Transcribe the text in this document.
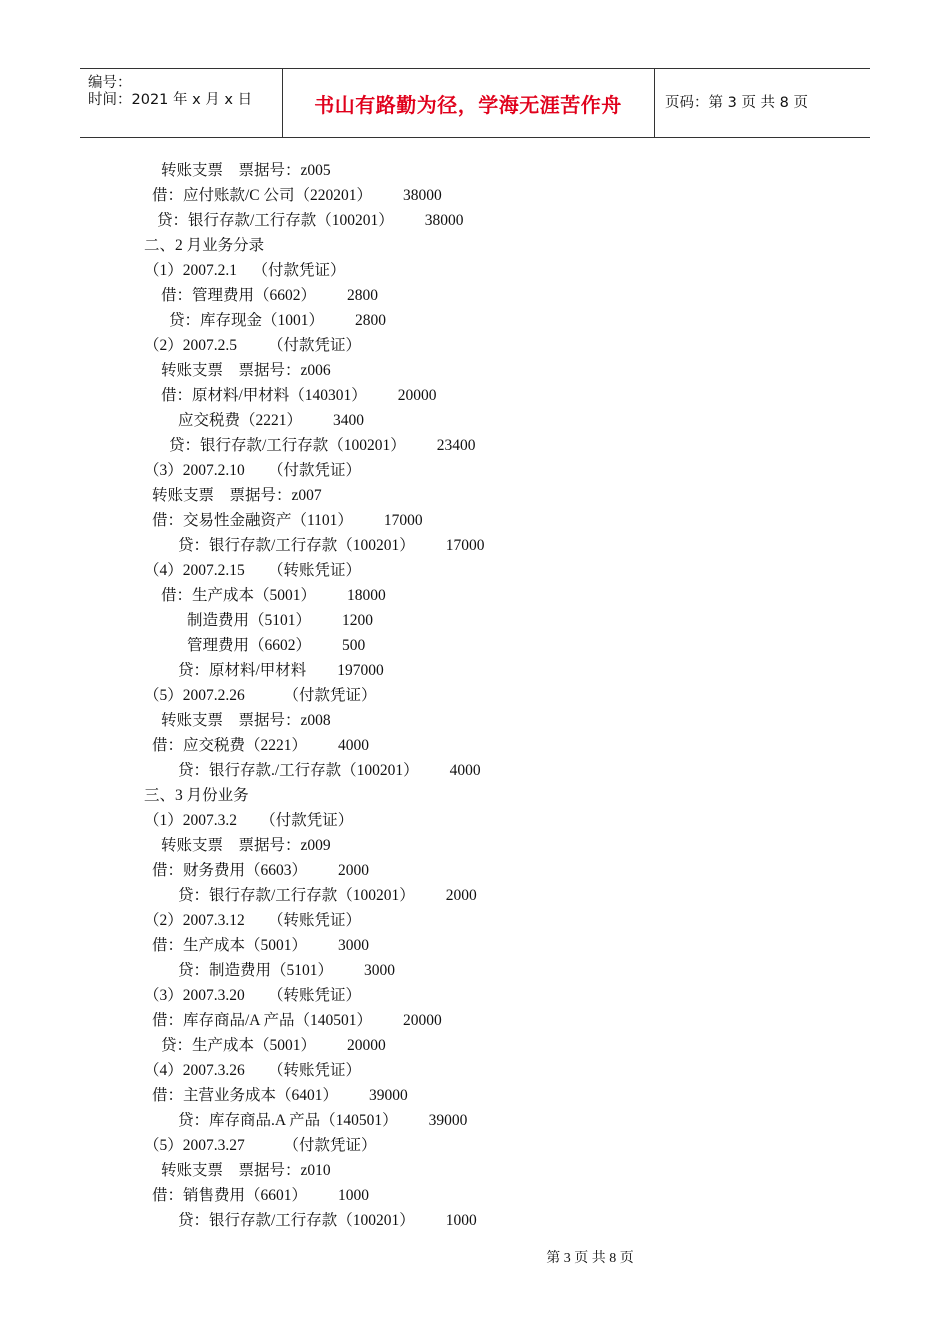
编号：
时间：2021 年 x 月 x 日	书山有路勤为径，学海无涯苦作舟	页码：第 3 页 共 8 页
转账支票    票据号：z005
借：应付账款/C 公司（220201）        38000
贷：银行存款/工行存款（100201）        38000
二、2 月业务分录
（1）2007.2.1    （付款凭证）
借：管理费用（6602）        2800
贷：库存现金（1001）        2800
（2）2007.2.5        （付款凭证）
转账支票    票据号：z006
借：原材料/甲材料（140301）        20000
应交税费（2221）        3400
贷：银行存款/工行存款（100201）        23400
（3）2007.2.10      （付款凭证）
转账支票    票据号：z007
借：交易性金融资产（1101）        17000
贷：银行存款/工行存款（100201）        17000
（4）2007.2.15      （转账凭证）
借：生产成本（5001）        18000
制造费用（5101）        1200
管理费用（6602）        500
贷：原材料/甲材料        197000
（5）2007.2.26          （付款凭证）
转账支票    票据号：z008
借：应交税费（2221）        4000
贷：银行存款./工行存款（100201）        4000
三、3 月份业务
（1）2007.3.2      （付款凭证）
转账支票    票据号：z009
借：财务费用（6603）        2000
贷：银行存款/工行存款（100201）        2000
（2）2007.3.12      （转账凭证）
借：生产成本（5001）        3000
贷：制造费用（5101）        3000
（3）2007.3.20      （转账凭证）
借：库存商品/A 产品（140501）        20000
贷：生产成本（5001）        20000
（4）2007.3.26      （转账凭证）
借：主营业务成本（6401）        39000
贷：库存商品.A 产品（140501）        39000
（5）2007.3.27          （付款凭证）
转账支票    票据号：z010
借：销售费用（6601）        1000
贷：银行存款/工行存款（100201）        1000
第 3 页 共 8 页
